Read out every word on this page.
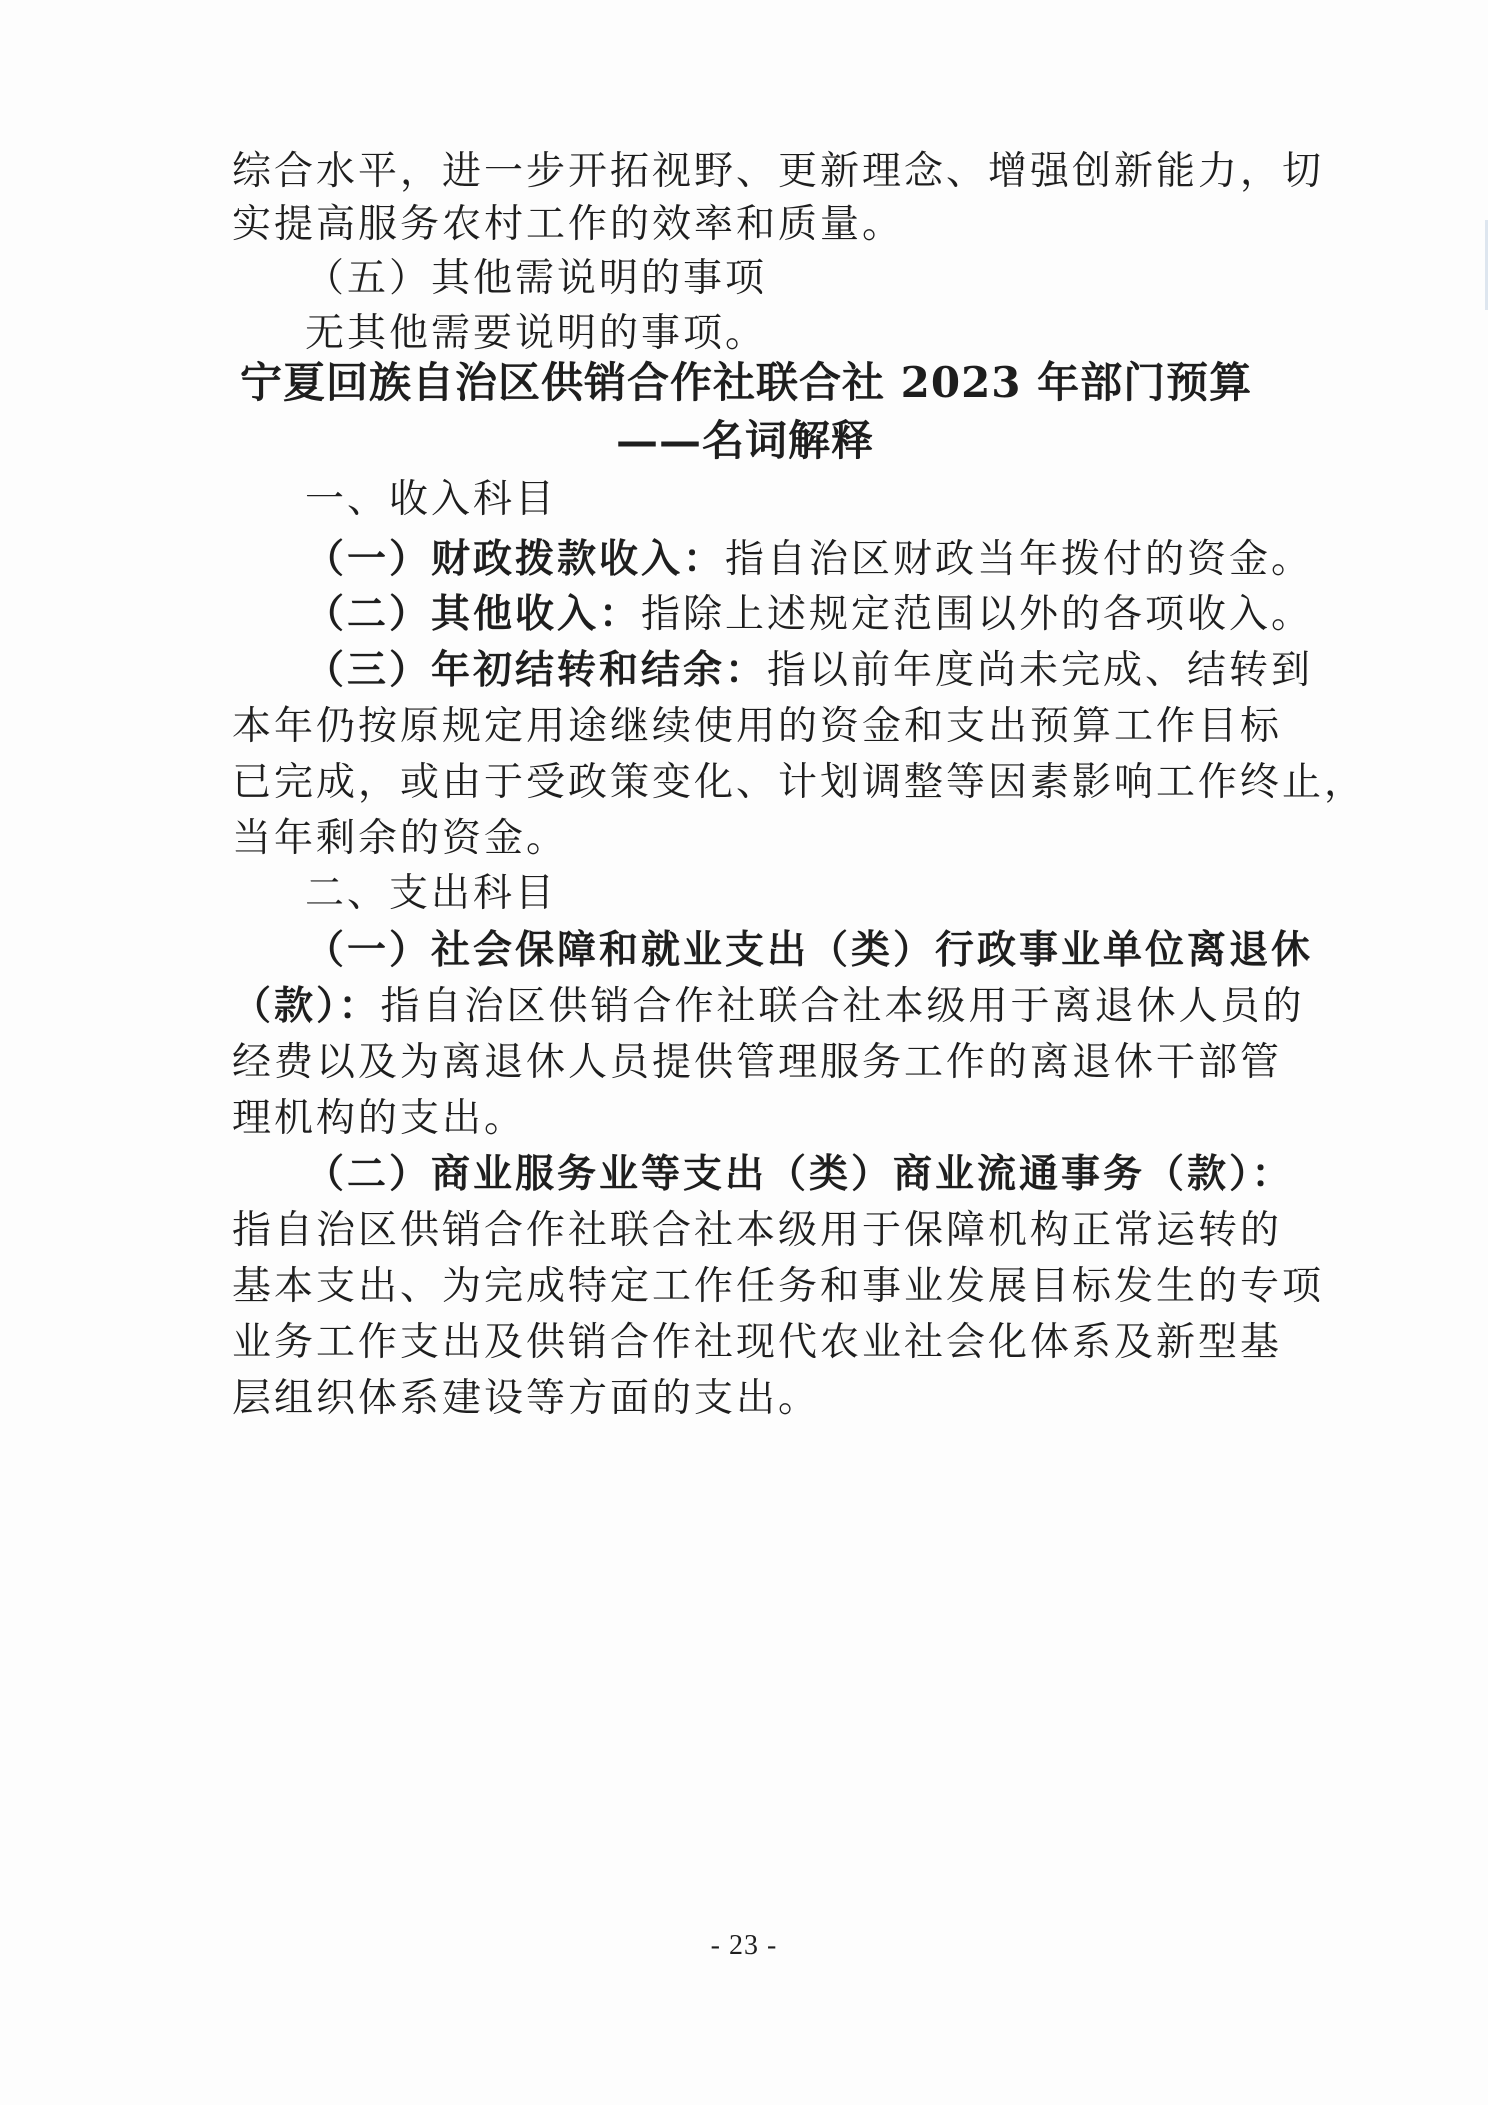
综合水平，进一步开拓视野、更新理念、增强创新能力，切
实提高服务农村工作的效率和质量。
（五）其他需说明的事项
无其他需要说明的事项。
宁夏回族自治区供销合作社联合社 2023 年部门预算
——名词解释
一、收入科目
（一）财政拨款收入：指自治区财政当年拨付的资金。
（二）其他收入：指除上述规定范围以外的各项收入。
（三）年初结转和结余：指以前年度尚未完成、结转到
本年仍按原规定用途继续使用的资金和支出预算工作目标
已完成，或由于受政策变化、计划调整等因素影响工作终止，
当年剩余的资金。
二、支出科目
（一）社会保障和就业支出（类）行政事业单位离退休
（款）：指自治区供销合作社联合社本级用于离退休人员的
经费以及为离退休人员提供管理服务工作的离退休干部管
理机构的支出。
（二）商业服务业等支出（类）商业流通事务（款）：
指自治区供销合作社联合社本级用于保障机构正常运转的
基本支出、为完成特定工作任务和事业发展目标发生的专项
业务工作支出及供销合作社现代农业社会化体系及新型基
层组织体系建设等方面的支出。
- 23 -
